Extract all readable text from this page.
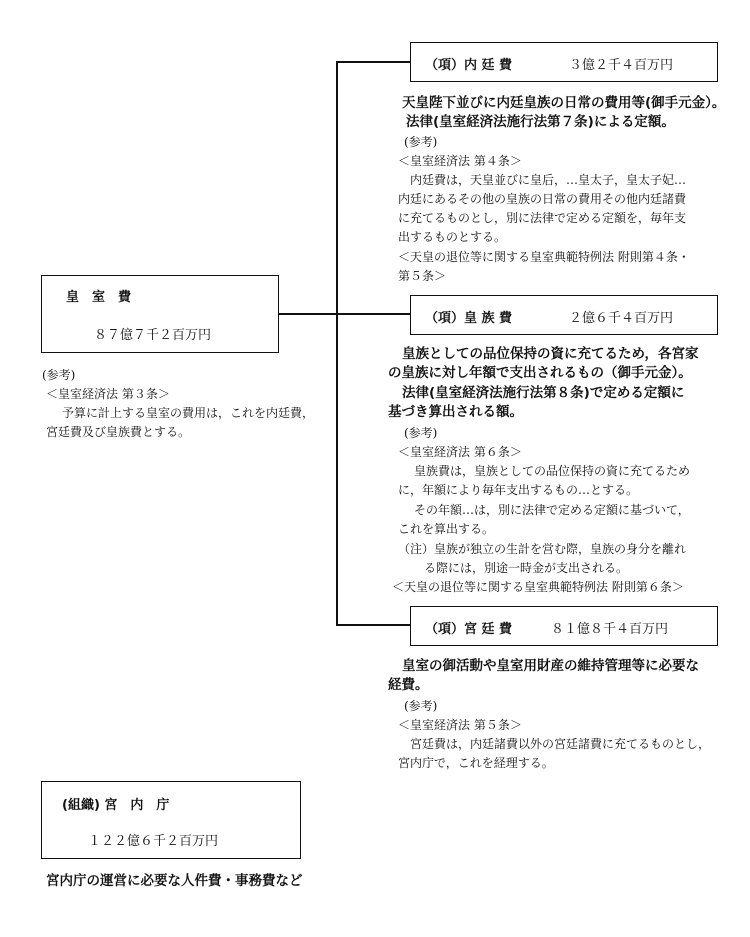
皇　室　費
８７億７千２百万円
(参考)
＜皇室経済法 第３条＞
予算に計上する皇室の費用は，これを内廷費，
宮廷費及び皇族費とする。
（項）内 廷 費	３億２千４百万円
天皇陛下並びに内廷皇族の日常の費用等(御手元金）。
法律(皇室経済法施行法第７条)による定額。
(参考)
＜皇室経済法 第４条＞
内廷費は，天皇並びに皇后，…皇太子，皇太子妃…
内廷にあるその他の皇族の日常の費用その他内廷諸費
に充てるものとし，別に法律で定める定額を，毎年支
出するものとする。
＜天皇の退位等に関する皇室典範特例法 附則第４条・
第５条＞
（項）皇 族 費	２億６千４百万円
皇族としての品位保持の資に充てるため，各宮家
の皇族に対し年額で支出されるもの（御手元金）。
法律(皇室経済法施行法第８条)で定める定額に
基づき算出される額。
(参考)
＜皇室経済法 第６条＞
皇族費は，皇族としての品位保持の資に充てるため
に，年額により毎年支出するもの…とする。
その年額…は，別に法律で定める定額に基づいて，
これを算出する。
（注）皇族が独立の生計を営む際，皇族の身分を離れ
る際には，別途一時金が支出される。
＜天皇の退位等に関する皇室典範特例法 附則第６条＞
（項）宮 廷 費	８１億８千４百万円
皇室の御活動や皇室用財産の維持管理等に必要な
経費。
(参考)
＜皇室経済法 第５条＞
宮廷費は，内廷諸費以外の宮廷諸費に充てるものとし，
宮内庁で，これを経理する。
(組織) 宮　内　庁
１２２億６千２百万円
宮内庁の運営に必要な人件費・事務費など
